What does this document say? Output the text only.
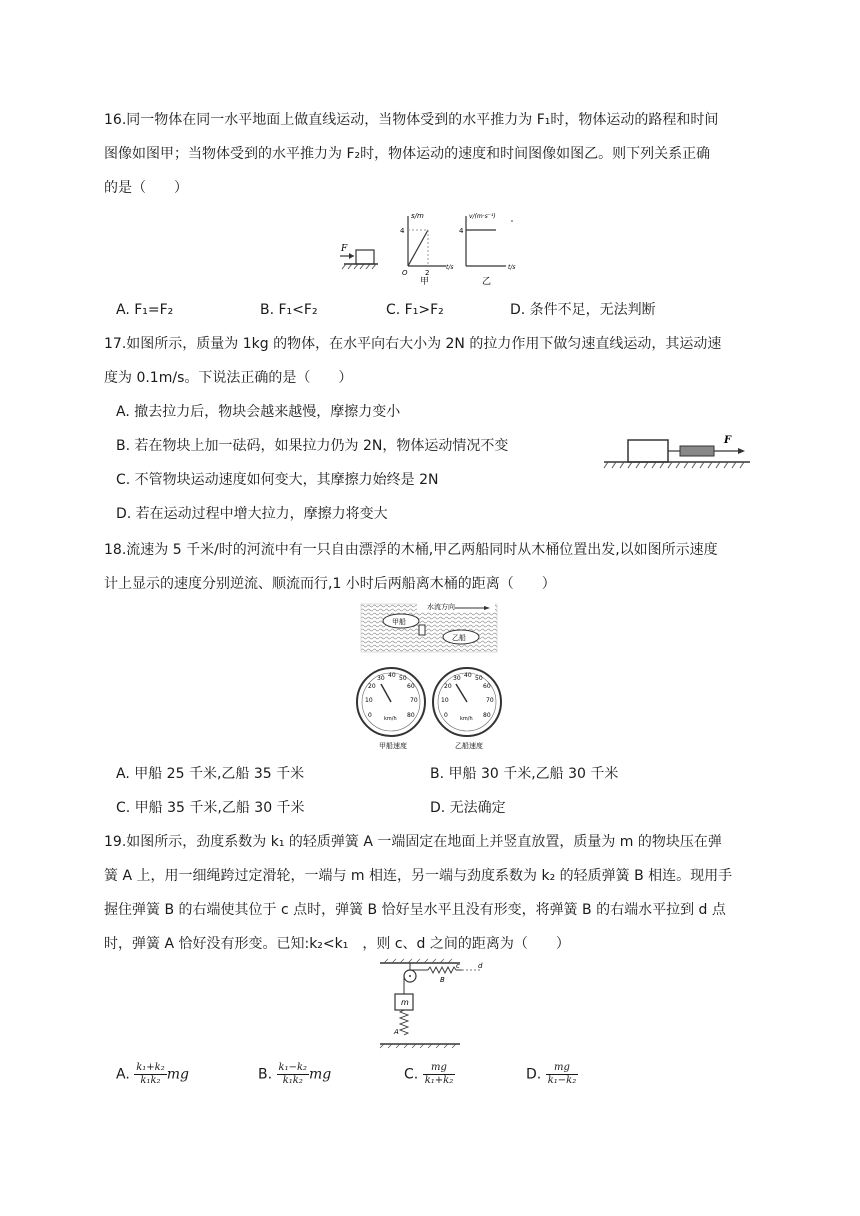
16.同一物体在同一水平地面上做直线运动，当物体受到的水平推力为 F₁时，物体运动的路程和时间
图像如图甲；当物体受到的水平推力为 F₂时，物体运动的速度和时间图像如图乙。则下列关系正确
的是（　　）
F
s/m
4
2
O
t/s
甲
v/(m·s⁻¹)
4
t/s
乙
A. F₁=F₂	B. F₁<F₂	C. F₁>F₂	D. 条件不足，无法判断
17.如图所示，质量为 1kg 的物体，在水平向右大小为 2N 的拉力作用下做匀速直线运动，其运动速
度为 0.1m/s。下说法正确的是（　　）
A. 撤去拉力后，物块会越来越慢，摩擦力变小
B. 若在物块上加一砝码，如果拉力仍为 2N，物体运动情况不变
C. 不管物块运动速度如何变大，其摩擦力始终是 2N
D. 若在运动过程中增大拉力，摩擦力将变大
F
18.流速为 5 千米/时的河流中有一只自由漂浮的木桶,甲乙两船同时从木桶位置出发,以如图所示速度
计上显示的速度分别逆流、顺流而行,1 小时后两船离木桶的距离（　　）
水流方向
甲船
乙船
0
10
20
30 40 50
60
70
80
km/h
甲船速度
0
10
20
30 40 50
60
70
80
km/h
乙船速度
A. 甲船 25 千米,乙船 35 千米	B. 甲船 30 千米,乙船 30 千米
C. 甲船 35 千米,乙船 30 千米	D. 无法确定
19.如图所示，劲度系数为 k₁ 的轻质弹簧 A 一端固定在地面上并竖直放置，质量为 m 的物块压在弹
簧 A 上，用一细绳跨过定滑轮，一端与 m 相连，另一端与劲度系数为 k₂ 的轻质弹簧 B 相连。现用手
握住弹簧 B 的右端使其位于 c 点时，弹簧 B 恰好呈水平且没有形变，将弹簧 B 的右端水平拉到 d 点
时，弹簧 A 恰好没有形变。已知:k₂<k₁　，则 c、d 之间的距离为（　　）
c	d
B
m
A
A. $\frac{\text{k₁+k₂}}{\text{k₁k₂}}$ mg	B. $\frac{\text{k₁−k₂}}{\text{k₁k₂}}$ mg	C. $\frac{mg}{\text{k₁+k₂}}$	D. $\frac{mg}{\text{k₁−k₂}}$
